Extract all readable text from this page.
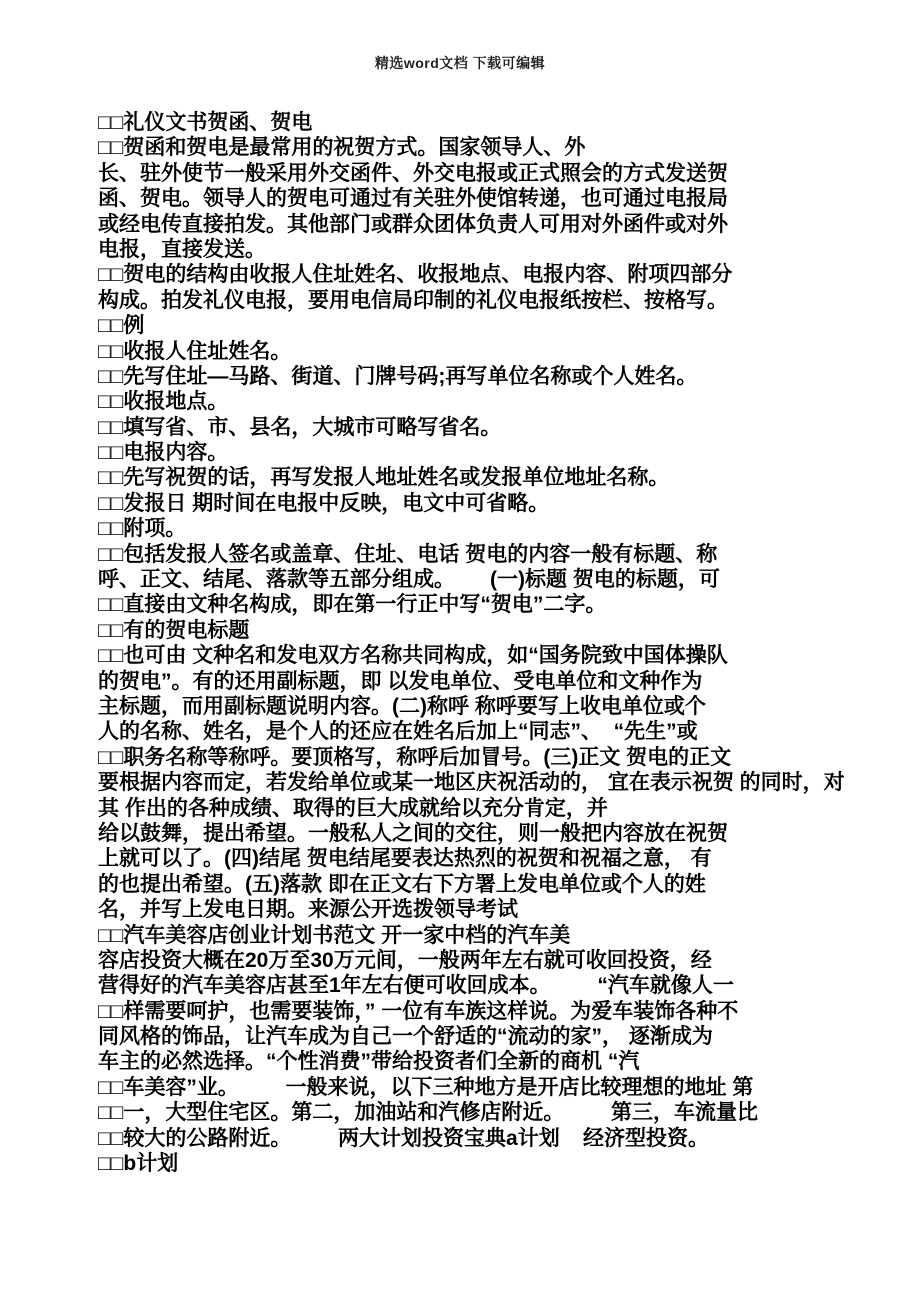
精选word文档 下载可编辑
□□礼仪文书贺函、贺电
□□贺函和贺电是最常用的祝贺方式。国家领导人、外
长、驻外使节一般采用外交函件、外交电报或正式照会的方式发送贺
函、贺电。领导人的贺电可通过有关驻外使馆转递，也可通过电报局
或经电传直接拍发。其他部门或群众团体负责人可用对外函件或对外
电报，直接发送。
□□贺电的结构由收报人住址姓名、收报地点、电报内容、附项四部分
构成。拍发礼仪电报，要用电信局印制的礼仪电报纸按栏、按格写。
□□例
□□收报人住址姓名。
□□先写住址—马路、街道、门牌号码;再写单位名称或个人姓名。
□□收报地点。
□□填写省、市、县名，大城市可略写省名。
□□电报内容。
□□先写祝贺的话，再写发报人地址姓名或发报单位地址名称。
□□发报日 期时间在电报中反映，电文中可省略。
□□附项。
□□包括发报人签名或盖章、住址、电话 贺电的内容一般有标题、称
呼、正文、结尾、落款等五部分组成。      (一)标题 贺电的标题，可
□□直接由文种名构成，即在第一行正中写“贺电”二字。
□□有的贺电标题
□□也可由 文种名和发电双方名称共同构成，如“国务院致中国体操队
的贺电”。有的还用副标题，即 以发电单位、受电单位和文种作为
主标题，而用副标题说明内容。(二)称呼 称呼要写上收电单位或个
人的名称、姓名，是个人的还应在姓名后加上“同志”、  “先生”或
□□职务名称等称呼。要顶格写，称呼后加冒号。(三)正文 贺电的正文
要根据内容而定，若发给单位或某一地区庆祝活动的， 宜在表示祝贺 的同时，对
其 作出的各种成绩、取得的巨大成就给以充分肯定，并
给以鼓舞，提出希望。一般私人之间的交往，则一般把内容放在祝贺
上就可以了。(四)结尾 贺电结尾要表达热烈的祝贺和祝福之意， 有
的也提出希望。(五)落款 即在正文右下方署上发电单位或个人的姓
名，并写上发电日期。来源公开选拨领导考试
□□汽车美容店创业计划书范文 开一家中档的汽车美
容店投资大概在20万至30万元间，一般两年左右就可收回投资，经
营得好的汽车美容店甚至1年左右便可收回成本。        “汽车就像人一
□□样需要呵护，也需要装饰，” 一位有车族这样说。为爱车装饰各种不
同风格的饰品，让汽车成为自己一个舒适的“流动的家”， 逐渐成为
车主的必然选择。“个性消费”带给投资者们全新的商机 “汽
□□车美容”业。        一般来说，以下三种地方是开店比较理想的地址 第
□□一，大型住宅区。第二，加油站和汽修店附近。        第三，车流量比
□□较大的公路附近。        两大计划投资宝典a计划    经济型投资。
□□b计划
